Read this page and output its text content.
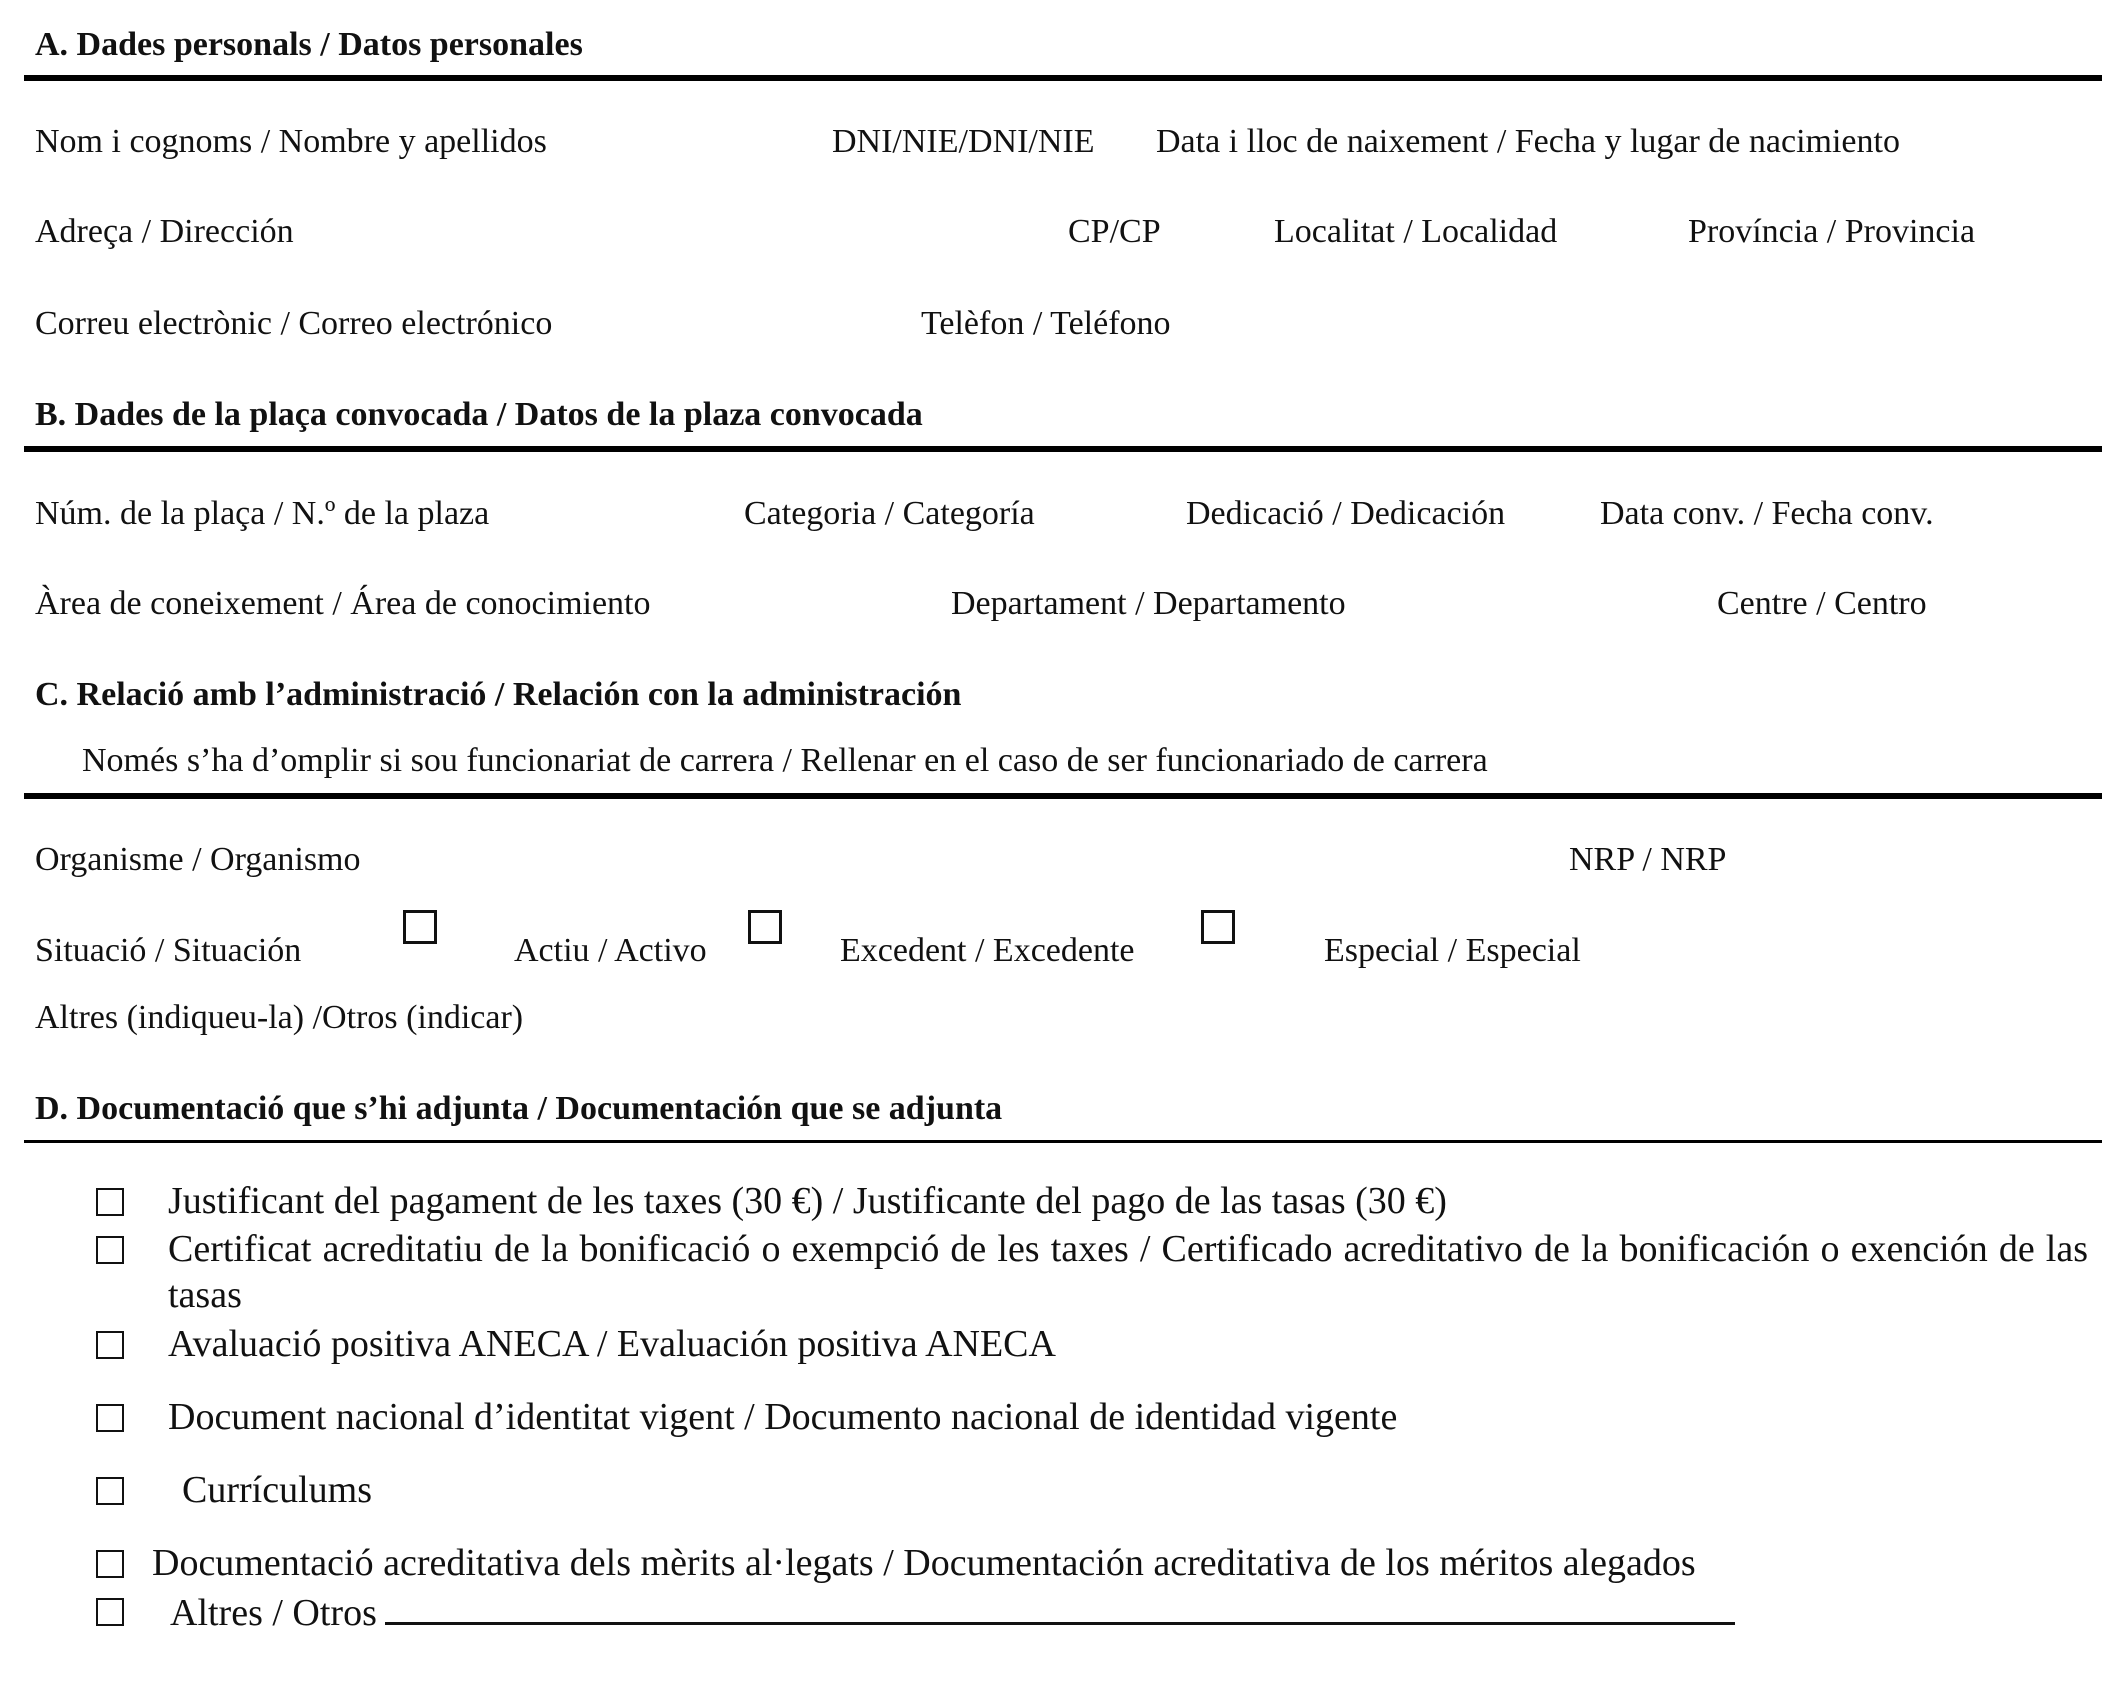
A. Dades personals / Datos personales
Nom i cognoms / Nombre y apellidos	DNI/NIE/DNI/NIE Data i lloc de naixement / Fecha y lugar de nacimiento
Adreça / Dirección	CP/CP	Localitat / Localidad	Província / Provincia
Correu electrònic / Correo electrónico	Telèfon / Teléfono
B. Dades de la plaça convocada / Datos de la plaza convocada
Núm. de la plaça / N.º de la plaza	Categoria / Categoría	Dedicació / Dedicación	Data conv. / Fecha conv.
Àrea de coneixement / Área de conocimiento	Departament / Departamento	Centre / Centro
C. Relació amb l’administració / Relación con la administración
Només s’ha d’omplir si sou funcionariat de carrera / Rellenar en el caso de ser funcionariado de carrera
Organisme / Organismo	NRP / NRP
Situació / Situación	Actiu / Activo	Excedent / Excedente	Especial / Especial
Altres (indiqueu-la) /Otros (indicar)
D. Documentació que s’hi adjunta / Documentación que se adjunta
Justificant del pagament de les taxes (30 €) / Justificante del pago de las tasas (30 €)
Certificat acreditatiu de la bonificació o exempció de les taxes / Certificado acreditativo de la bonificación o exención de las tasas
Avaluació positiva ANECA / Evaluación positiva ANECA
Document nacional d’identitat vigent / Documento nacional de identidad vigente
Currículums
Documentació acreditativa dels mèrits al·legats / Documentación acreditativa de los méritos alegados
Altres / Otros
